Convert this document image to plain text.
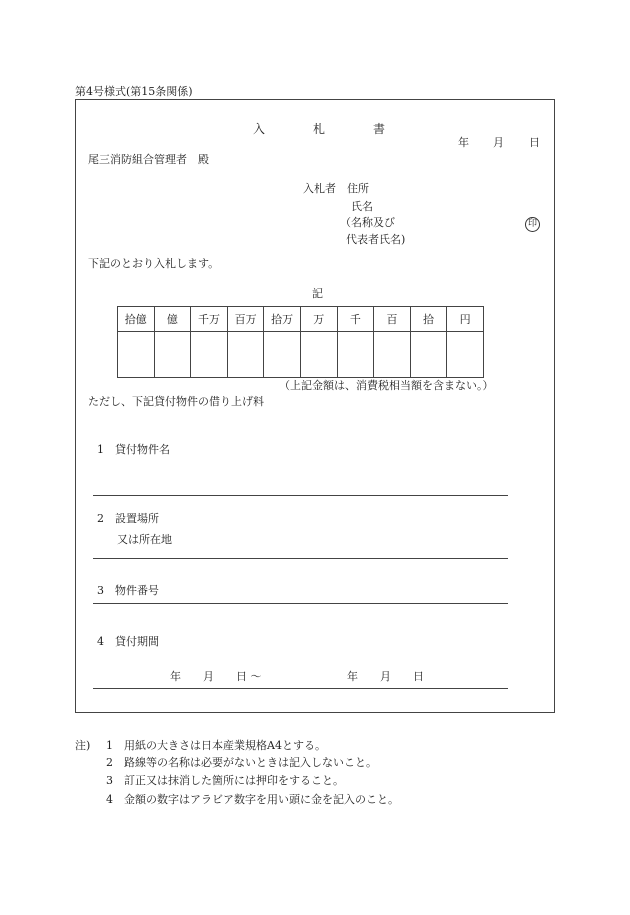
第4号様式(第15条関係)
入　　　　札　　　　書
年 月 日
尾三消防組合管理者　殿
入札者　住所
氏名
（名称及び
代表者氏名)
印
下記のとおり入札します。
記
拾億	億	千万	百万	拾万	万	千	百	拾	円

（上記金額は、消費税相当額を含まない。）
ただし、下記貸付物件の借り上げ料
1　貸付物件名
2　設置場所
又は所在地
3　物件番号
4　貸付期間
年　　月　　日 ～	年　　月　　日
注) 1　用紙の大きさは日本産業規格A4とする。
2　路線等の名称は必要がないときは記入しないこと。
3　訂正又は抹消した箇所には押印をすること。
4　金額の数字はアラビア数字を用い頭に金を記入のこと。
